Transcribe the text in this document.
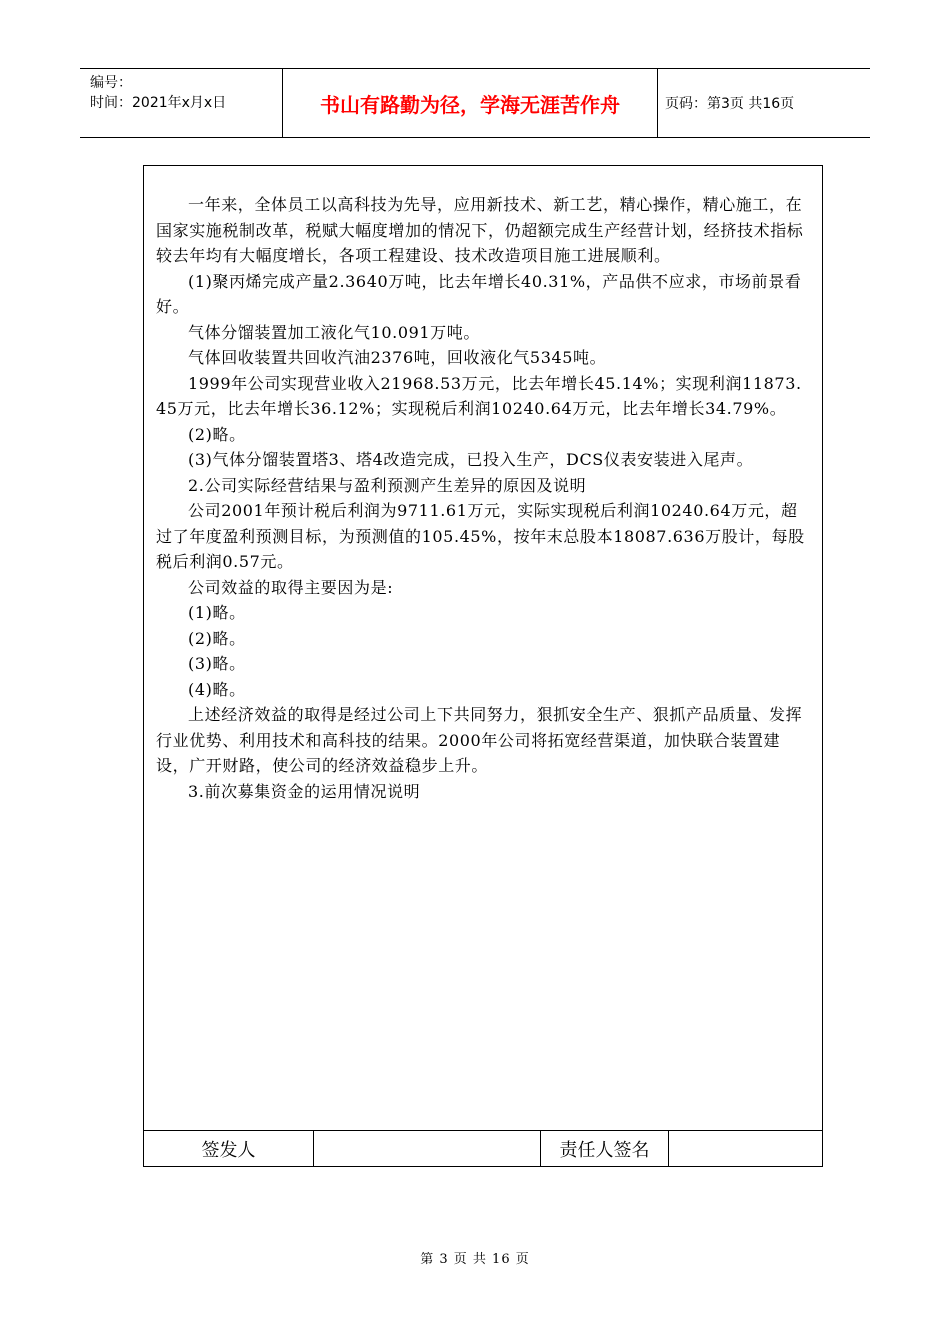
编号：
时间：2021年x月x日	书山有路勤为径，学海无涯苦作舟	页码：第3页 共16页

一年来，全体员工以高科技为先导，应用新技术、新工艺，精心操作，精心施工，在国家实施税制改革，税赋大幅度增加的情况下，仍超额完成生产经营计划，经挤技术指标较去年均有大幅度增长，各项工程建设、技术改造项目施工进展顺利。

(1)聚丙烯完成产量2.3640万吨，比去年增长40.31%，产品供不应求，市场前景看好。

气体分馏装置加工液化气10.091万吨。

气体回收装置共回收汽油2376吨，回收液化气5345吨。

1999年公司实现营业收入21968.53万元，比去年增长45.14%；实现利润11873.45万元，比去年增长36.12%；实现税后利润10240.64万元，比去年增长34.79%。

(2)略。

(3)气体分馏装置塔3、塔4改造完成，已投入生产，DCS仪表安装进入尾声。

2.公司实际经营结果与盈利预测产生差异的原因及说明

公司2001年预计税后利润为9711.61万元，实际实现税后利润10240.64万元，超过了年度盈利预测目标，为预测值的105.45%，按年末总股本18087.636万股计，每股税后利润0.57元。

公司效益的取得主要因为是:

(1)略。

(2)略。

(3)略。

(4)略。

上述经济效益的取得是经过公司上下共同努力，狠抓安全生产、狠抓产品质量、发挥行业优势、利用技术和高科技的结果。2000年公司将拓宽经营渠道，加快联合装置建设，广开财路，使公司的经济效益稳步上升。

3.前次募集资金的运用情况说明

签发人	责任人签名
第 3 页 共 16 页
